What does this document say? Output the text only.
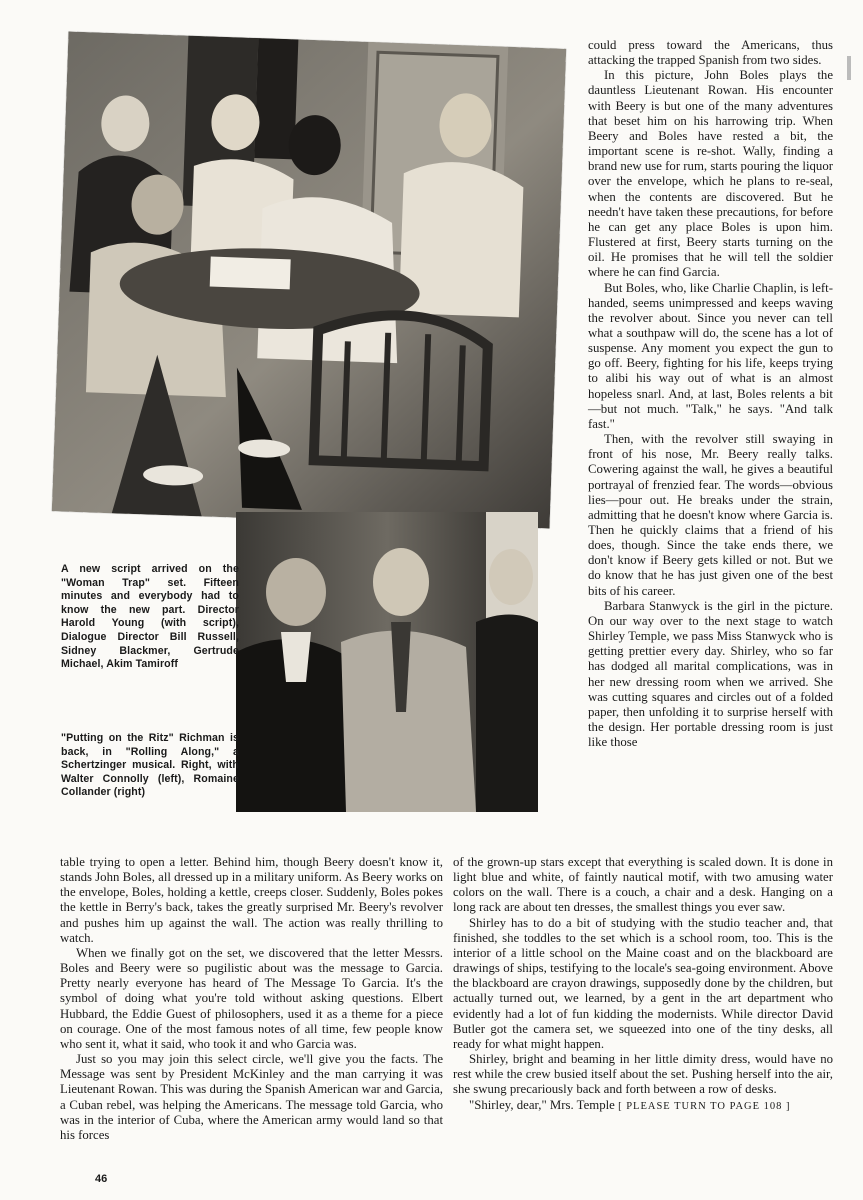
A new script arrived on the "Woman Trap" set. Fifteen minutes and everybody had to know the new part. Director Harold Young (with script), Dialogue Director Bill Russell, Sidney Blackmer, Gertrude Michael, Akim Tamiroff
"Putting on the Ritz" Richman is back, in "Rolling Along," a Schertzinger musical. Right, with Walter Connolly (left), Romaine Collander (right)

could press toward the Americans, thus attacking the trapped Spanish from two sides.

In this picture, John Boles plays the dauntless Lieutenant Rowan. His encounter with Beery is but one of the many adventures that beset him on his harrowing trip. When Beery and Boles have rested a bit, the important scene is re-shot. Wally, finding a brand new use for rum, starts pouring the liquor over the envelope, which he plans to re-seal, when the contents are discovered. But he needn't have taken these precautions, for before he can get any place Boles is upon him. Flustered at first, Beery starts turning on the oil. He promises that he will tell the soldier where he can find Garcia.

But Boles, who, like Charlie Chaplin, is left-handed, seems unimpressed and keeps waving the revolver about. Since you never can tell what a southpaw will do, the scene has a lot of suspense. Any moment you expect the gun to go off. Beery, fighting for his life, keeps trying to alibi his way out of what is an almost hopeless snarl. And, at last, Boles relents a bit—but not much. "Talk," he says. "And talk fast."

Then, with the revolver still swaying in front of his nose, Mr. Beery really talks. Cowering against the wall, he gives a beautiful portrayal of frenzied fear. The words—obvious lies—pour out. He breaks under the strain, admitting that he doesn't know where Garcia is. Then he quickly claims that a friend of his does, though. Since the take ends there, we don't know if Beery gets killed or not. But we do know that he has just given one of the best bits of his career.

Barbara Stanwyck is the girl in the picture. On our way over to the next stage to watch Shirley Temple, we pass Miss Stanwyck who is getting prettier every day. Shirley, who so far has dodged all marital complications, was in her new dressing room when we arrived. She was cutting squares and circles out of a folded paper, then unfolding it to surprise herself with the design. Her portable dressing room is just like those

table trying to open a letter. Behind him, though Beery doesn't know it, stands John Boles, all dressed up in a military uniform. As Beery works on the envelope, Boles, holding a kettle, creeps closer. Suddenly, Boles pokes the kettle in Berry's back, takes the greatly surprised Mr. Beery's revolver and pushes him up against the wall. The action was really thrilling to watch.

When we finally got on the set, we discovered that the letter Messrs. Boles and Beery were so pugilistic about was the message to Garcia. Pretty nearly everyone has heard of The Message To Garcia. It's the symbol of doing what you're told without asking questions. Elbert Hubbard, the Eddie Guest of philosophers, used it as a theme for a piece on courage. One of the most famous notes of all time, few people know who sent it, what it said, who took it and who Garcia was.

Just so you may join this select circle, we'll give you the facts. The Message was sent by President McKinley and the man carrying it was Lieutenant Rowan. This was during the Spanish American war and Garcia, a Cuban rebel, was helping the Americans. The message told Garcia, who was in the interior of Cuba, where the American army would land so that his forces

of the grown-up stars except that everything is scaled down. It is done in light blue and white, of faintly nautical motif, with two amusing water colors on the wall. There is a couch, a chair and a desk. Hanging on a long rack are about ten dresses, the smallest things you ever saw.

Shirley has to do a bit of studying with the studio teacher and, that finished, she toddles to the set which is a school room, too. This is the interior of a little school on the Maine coast and on the blackboard are drawings of ships, testifying to the locale's sea-going environment. Above the blackboard are crayon drawings, supposedly done by the children, but actually turned out, we learned, by a gent in the art department who evidently had a lot of fun kidding the modernists. While director David Butler got the camera set, we squeezed into one of the tiny desks, all ready for what might happen.

Shirley, bright and beaming in her little dimity dress, would have no rest while the crew busied itself about the set. Pushing herself into the air, she swung precariously back and forth between a row of desks.

"Shirley, dear," Mrs. Temple [ PLEASE TURN TO PAGE 108 ]

46
